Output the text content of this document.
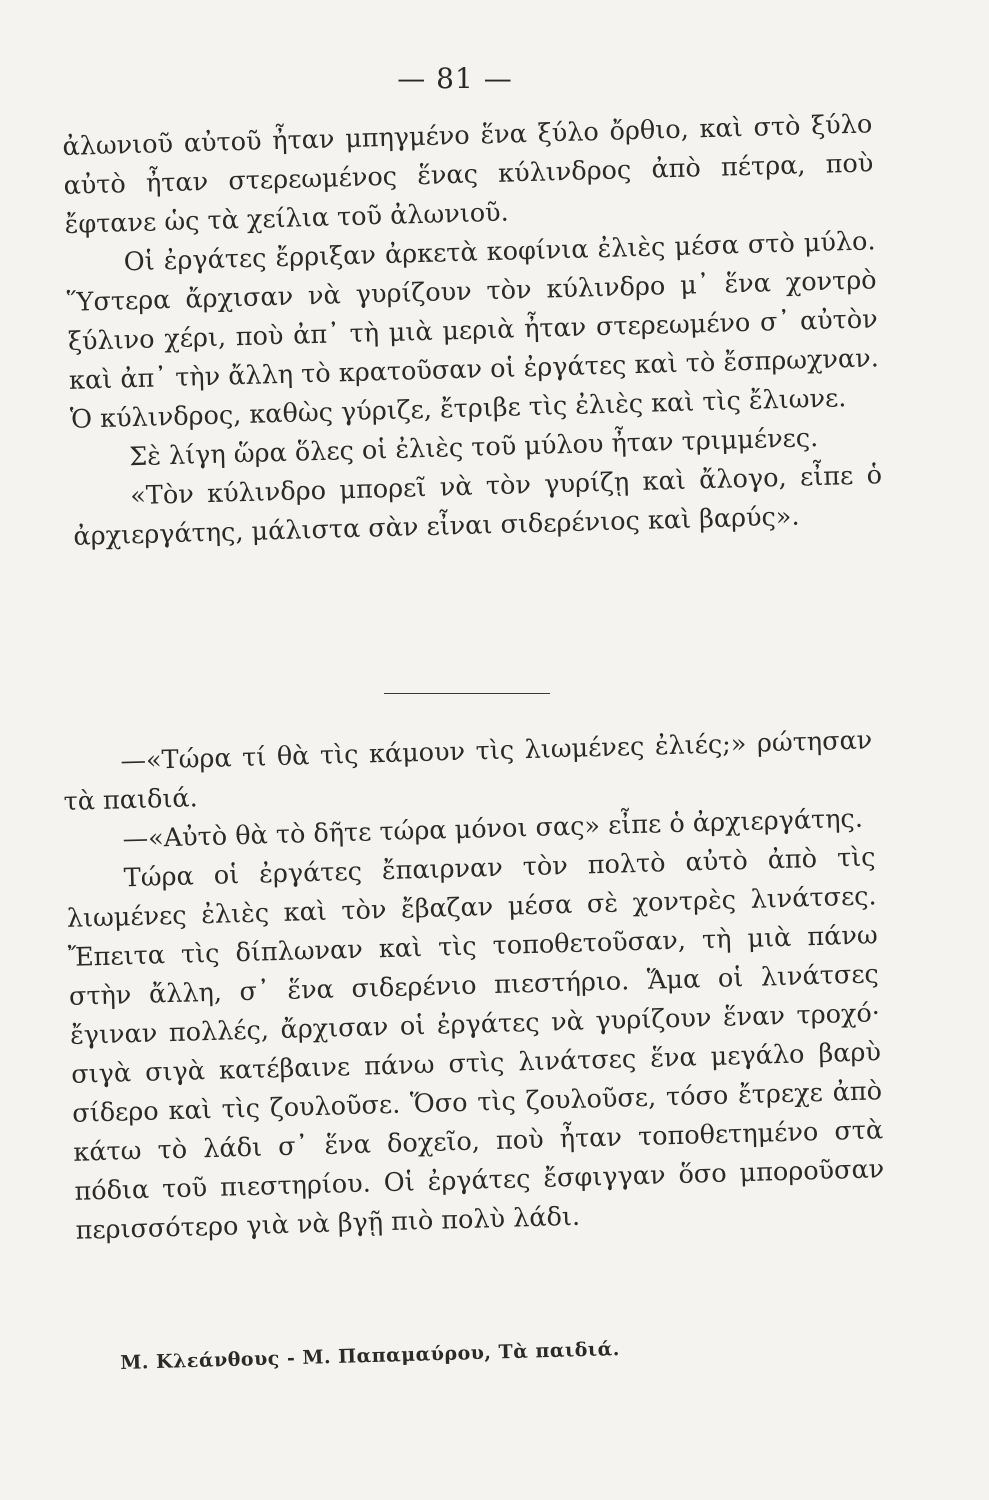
— 81 —

ἀλωνιοῦ αὐτοῦ ἦταν μπηγμένο ἕνα ξύλο ὄρθιο, καὶ στὸ ξύλο αὐτὸ ἦταν στερεωμένος ἕνας κύλινδρος ἀπὸ πέτρα, ποὺ ἔφτανε ὡς τὰ χείλια τοῦ ἀλωνιοῦ.

Οἱ ἐργάτες ἔρριξαν ἀρκετὰ κοφίνια ἐλιὲς μέσα στὸ μύλο. Ὕστερα ἄρχισαν νὰ γυρίζουν τὸν κύλινδρο μ᾽ ἕνα χοντρὸ ξύλινο χέρι, ποὺ ἀπ᾽ τὴ μιὰ μεριὰ ἦταν στερεωμένο σ᾽ αὐτὸν καὶ ἀπ᾽ τὴν ἄλλη τὸ κρατοῦσαν οἱ ἐργάτες καὶ τὸ ἔσπρωχναν. Ὁ κύλινδρος, καθὼς γύριζε, ἔτριβε τὶς ἐλιὲς καὶ τὶς ἔλιωνε.

Σὲ λίγη ὥρα ὅλες οἱ ἐλιὲς τοῦ μύλου ἦταν τριμμένες.

«Τὸν κύλινδρο μπορεῖ νὰ τὸν γυρίζῃ καὶ ἄλογο, εἶπε ὁ ἀρχιεργάτης, μάλιστα σὰν εἶναι σιδερένιος καὶ βαρύς».

—«Τώρα τί θὰ τὶς κάμουν τὶς λιωμένες ἐλιές;» ρώτησαν τὰ παιδιά.

—«Αὐτὸ θὰ τὸ δῆτε τώρα μόνοι σας» εἶπε ὁ ἀρχιεργάτης.

Τώρα οἱ ἐργάτες ἔπαιρναν τὸν πολτὸ αὐτὸ ἀπὸ τὶς λιωμένες ἐλιὲς καὶ τὸν ἔβαζαν μέσα σὲ χοντρὲς λινάτσες. Ἔπειτα τὶς δίπλωναν καὶ τὶς τοποθετοῦσαν, τὴ μιὰ πάνω στὴν ἄλλη, σ᾽ ἕνα σιδερένιο πιεστήριο. Ἅμα οἱ λινάτσες ἔγιναν πολλές, ἄρχισαν οἱ ἐργάτες νὰ γυρίζουν ἕναν τροχό· σιγὰ σιγὰ κατέβαινε πάνω στὶς λινάτσες ἕνα μεγάλο βαρὺ σίδερο καὶ τὶς ζουλοῦσε. Ὅσο τὶς ζουλοῦσε, τόσο ἔτρεχε ἀπὸ κάτω τὸ λάδι σ᾽ ἕνα δοχεῖο, ποὺ ἦταν τοποθετημένο στὰ πόδια τοῦ πιεστηρίου. Οἱ ἐργάτες ἔσφιγγαν ὅσο μποροῦσαν περισσότερο γιὰ νὰ βγῇ πιὸ πολὺ λάδι.

Μ. Κλεάνθους - Μ. Παπαμαύρου, Τὰ παιδιά.
